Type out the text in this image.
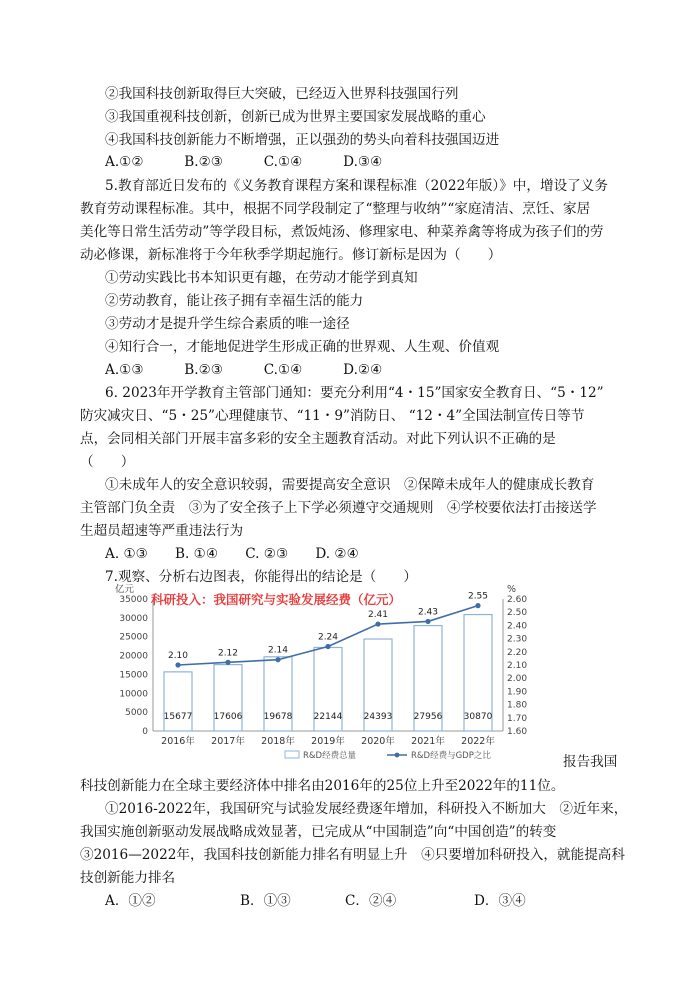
②我国科技创新取得巨大突破，已经迈入世界科技强国行列
③我国重视科技创新，创新已成为世界主要国家发展战略的重心
④我国科技创新能力不断增强，正以强劲的势头向着科技强国迈进
A.①②　　　B.②③　　　C.①④　　　D.③④
5.教育部近日发布的《义务教育课程方案和课程标准（2022年版）》中，增设了义务
教育劳动课程标准。其中，根据不同学段制定了“整理与收纳”“家庭清洁、烹饪、家居
美化等日常生活劳动”等学段目标，煮饭炖汤、修理家电、种菜养禽等将成为孩子们的劳
动必修课，新标准将于今年秋季学期起施行。修订新标是因为（　　）
①劳动实践比书本知识更有趣，在劳动才能学到真知
②劳动教育，能让孩子拥有幸福生活的能力
③劳动才是提升学生综合素质的唯一途径
④知行合一，才能地促进学生形成正确的世界观、人生观、价值观
A.①③　　　B.②③　　　C.①④　　　D.②④
6. 2023年开学教育主管部门通知：要充分利用“4・15”国家安全教育日、“5・12”
防灾减灾日、“5・25”心理健康节、“11・9”消防日、 “12・4”全国法制宣传日等节
点，会同相关部门开展丰富多彩的安全主题教育活动。对此下列认识不正确的是
（　　）
①未成年人的安全意识较弱，需要提高安全意识　②保障未成年人的健康成长教育
主管部门负全责　③为了安全孩子上下学必须遵守交通规则　④学校要依法打击接送学
生超员超速等严重违法行为
A. ①③　　B. ①④　　C. ②③　　D. ②④
7.观察、分析右边图表，你能得出的结论是（　　）
0
5000
10000
15000
20000
25000
30000
35000
1.60
1.70
1.80
1.90
2.00
2.10
2.20
2.30
2.40
2.50
2.60
亿元	%
科研投入：我国研究与实验发展经费（亿元）
15677 17606 19678 22144 24393 27956 30870
2016年 2017年 2018年 2019年 2020年 2021年 2022年
2.10	2.12	2.14
2.24
2.41	2.43
2.55
R&D经费总量	R&D经费与GDP之比	报告我国
科技创新能力在全球主要经济体中排名由2016年的25位上升至2022年的11位。
①2016-2022年，我国研究与试验发展经费逐年增加，科研投入不断加大　②近年来，
我国实施创新驱动发展战略成效显著，已完成从“中国制造”向“中国创造”的转变
③2016—2022年，我国科技创新能力排名有明显上升　④只要增加科研投入，就能提高科
技创新能力排名
A．①②	B．①③	C．②④	D．③④
